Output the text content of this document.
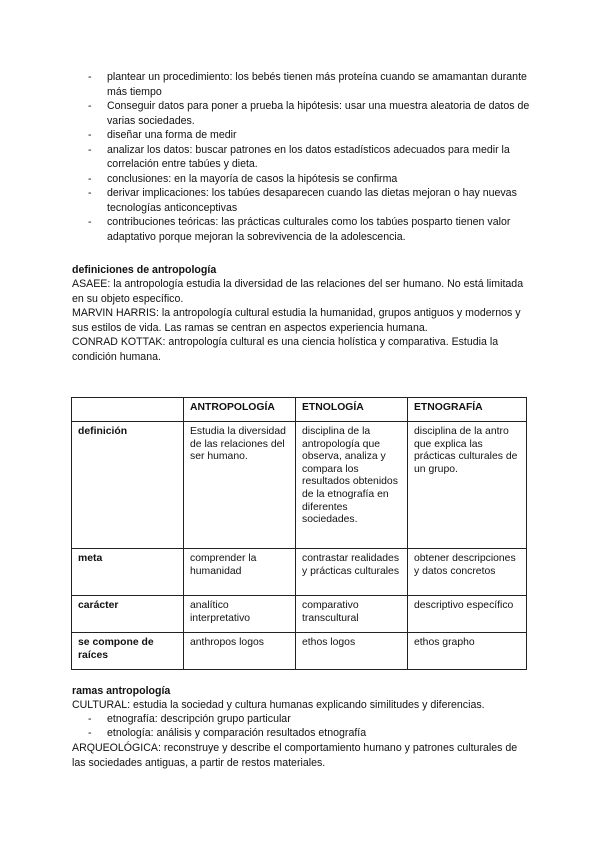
- plantear un procedimiento: los bebés tienen más proteína cuando se amamantan durante más tiempo
- Conseguir datos para poner a prueba la hipótesis: usar una muestra aleatoria de datos de varias sociedades.
- diseñar una forma de medir
- analizar los datos: buscar patrones en los datos estadísticos adecuados para medir la correlación entre tabúes y dieta.
- conclusiones: en la mayoría de casos la hipótesis se confirma
- derivar implicaciones: los tabúes desaparecen cuando las dietas mejoran o hay nuevas tecnologías anticonceptivas
- contribuciones teóricas: las prácticas culturales como los tabúes posparto tienen valor adaptativo porque mejoran la sobrevivencia de la adolescencia.
definiciones de antropología

ASAEE: la antropología estudia la diversidad de las relaciones del ser humano. No está limitada en su objeto específico.

MARVIN HARRIS: la antropología cultural estudia la humanidad, grupos antiguos y modernos y sus estilos de vida. Las ramas se centran en aspectos experiencia humana.

CONRAD KOTTAK: antropología cultural es una ciencia holística y comparativa. Estudia la condición humana.

	ANTROPOLOGÍA	ETNOLOGÍA	ETNOGRAFÍA
definición	Estudia la diversidad de las relaciones del ser humano.	disciplina de la antropología que observa, analiza y compara los resultados obtenidos de la etnografía en diferentes sociedades.	disciplina de la antro que explica las prácticas culturales de un grupo.
meta	comprender la humanidad	contrastar realidades y prácticas culturales	obtener descripciones y datos concretos
carácter	analítico interpretativo	comparativo transcultural	descriptivo específico
se compone de raíces	anthropos logos	ethos logos	ethos grapho
ramas antropología

CULTURAL: estudia la sociedad y cultura humanas explicando similitudes y diferencias.

- etnografía: descripción grupo particular
- etnología: análisis y comparación resultados etnografía

ARQUEOLÓGICA: reconstruye y describe el comportamiento humano y patrones culturales de las sociedades antiguas, a partir de restos materiales.
